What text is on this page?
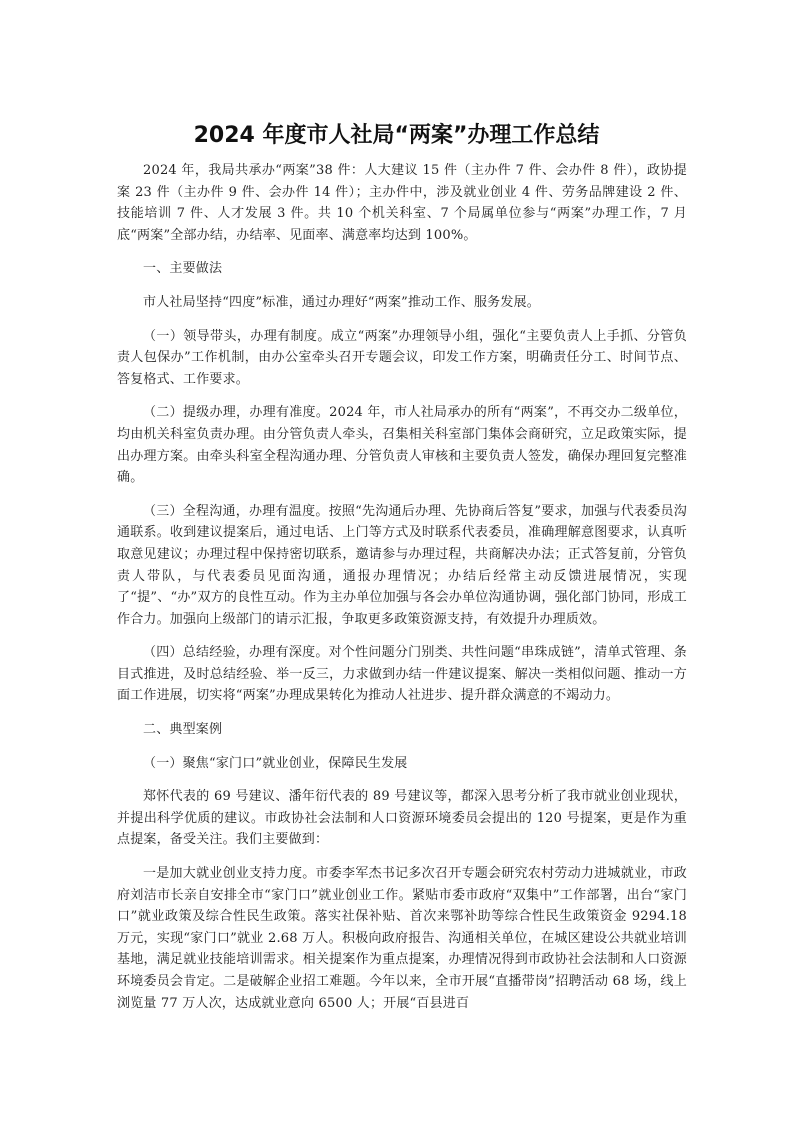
2024 年度市人社局“两案”办理工作总结

2024 年，我局共承办“两案”38 件：人大建议 15 件（主办件 7 件、会办件 8 件），政协提案 23 件（主办件 9 件、会办件 14 件）；主办件中，涉及就业创业 4 件、劳务品牌建设 2 件、技能培训 7 件、人才发展 3 件。共 10 个机关科室、7 个局属单位参与“两案”办理工作，7 月底“两案”全部办结，办结率、见面率、满意率均达到 100%。

一、主要做法

市人社局坚持“四度”标准，通过办理好“两案”推动工作、服务发展。

（一）领导带头，办理有制度。成立“两案”办理领导小组，强化“主要负责人上手抓、分管负责人包保办”工作机制，由办公室牵头召开专题会议，印发工作方案，明确责任分工、时间节点、答复格式、工作要求。

（二）提级办理，办理有准度。2024 年，市人社局承办的所有“两案”，不再交办二级单位，均由机关科室负责办理。由分管负责人牵头，召集相关科室部门集体会商研究，立足政策实际，提出办理方案。由牵头科室全程沟通办理、分管负责人审核和主要负责人签发，确保办理回复完整准确。

（三）全程沟通，办理有温度。按照“先沟通后办理、先协商后答复”要求，加强与代表委员沟通联系。收到建议提案后，通过电话、上门等方式及时联系代表委员，准确理解意图要求，认真听取意见建议；办理过程中保持密切联系，邀请参与办理过程，共商解决办法；正式答复前，分管负责人带队，与代表委员见面沟通，通报办理情况；办结后经常主动反馈进展情况，实现了“提”、“办”双方的良性互动。作为主办单位加强与各会办单位沟通协调，强化部门协同，形成工作合力。加强向上级部门的请示汇报，争取更多政策资源支持，有效提升办理质效。

（四）总结经验，办理有深度。对个性问题分门别类、共性问题“串珠成链”，清单式管理、条目式推进，及时总结经验、举一反三，力求做到办结一件建议提案、解决一类相似问题、推动一方面工作进展，切实将“两案”办理成果转化为推动人社进步、提升群众满意的不竭动力。

二、典型案例

（一）聚焦“家门口”就业创业，保障民生发展

郑怀代表的 69 号建议、潘年衍代表的 89 号建议等，都深入思考分析了我市就业创业现状，并提出科学优质的建议。市政协社会法制和人口资源环境委员会提出的 120 号提案，更是作为重点提案，备受关注。我们主要做到：

一是加大就业创业支持力度。市委李军杰书记多次召开专题会研究农村劳动力进城就业，市政府刘洁市长亲自安排全市“家门口”就业创业工作。紧贴市委市政府“双集中”工作部署，出台“家门口”就业政策及综合性民生政策。落实社保补贴、首次来鄂补助等综合性民生政策资金 9294.18 万元，实现“家门口”就业 2.68 万人。积极向政府报告、沟通相关单位，在城区建设公共就业培训基地，满足就业技能培训需求。相关提案作为重点提案，办理情况得到市政协社会法制和人口资源环境委员会肯定。二是破解企业招工难题。今年以来，全市开展“直播带岗”招聘活动 68 场，线上浏览量 77 万人次，达成就业意向 6500 人；开展“百县进百
